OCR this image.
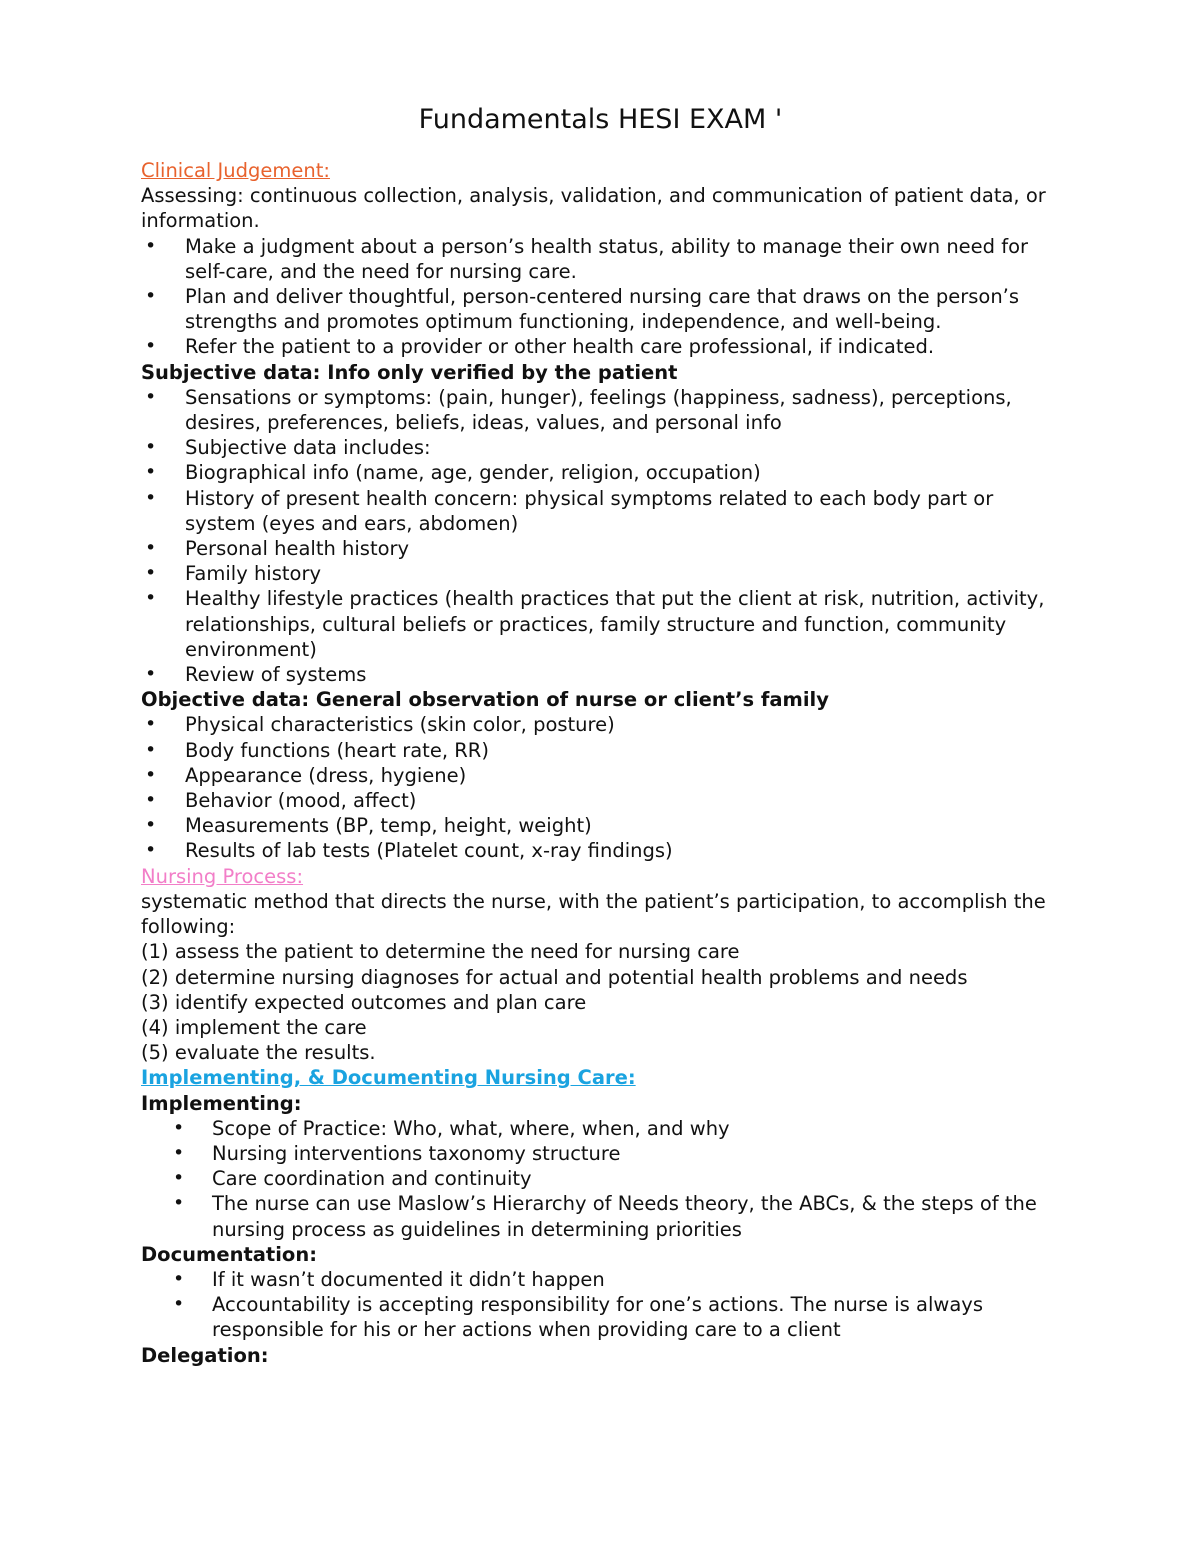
Fundamentals HESI EXAM '

Clinical Judgement:

Assessing: continuous collection, analysis, validation, and communication of patient data, or information.

• Make a judgment about a person’s health status, ability to manage their own need for self-care, and the need for nursing care.
• Plan and deliver thoughtful, person-centered nursing care that draws on the person’s strengths and promotes optimum functioning, independence, and well-being.
• Refer the patient to a provider or other health care professional, if indicated.

Subjective data: Info only verified by the patient

• Sensations or symptoms: (pain, hunger), feelings (happiness, sadness), perceptions, desires, preferences, beliefs, ideas, values, and personal info
• Subjective data includes:
• Biographical info (name, age, gender, religion, occupation)
• History of present health concern: physical symptoms related to each body part or system (eyes and ears, abdomen)
• Personal health history
• Family history
• Healthy lifestyle practices (health practices that put the client at risk, nutrition, activity, relationships, cultural beliefs or practices, family structure and function, community environment)
• Review of systems

Objective data: General observation of nurse or client’s family

• Physical characteristics (skin color, posture)
• Body functions (heart rate, RR)
• Appearance (dress, hygiene)
• Behavior (mood, affect)
• Measurements (BP, temp, height, weight)
• Results of lab tests (Platelet count, x-ray findings)

Nursing Process:

systematic method that directs the nurse, with the patient’s participation, to accomplish the following:

(1) assess the patient to determine the need for nursing care

(2) determine nursing diagnoses for actual and potential health problems and needs

(3) identify expected outcomes and plan care

(4) implement the care

(5) evaluate the results.

Implementing, & Documenting Nursing Care:

Implementing:

• Scope of Practice: Who, what, where, when, and why
• Nursing interventions taxonomy structure
• Care coordination and continuity
• The nurse can use Maslow’s Hierarchy of Needs theory, the ABCs, & the steps of the nursing process as guidelines in determining priorities

Documentation:

• If it wasn’t documented it didn’t happen
• Accountability is accepting responsibility for one’s actions. The nurse is always responsible for his or her actions when providing care to a client

Delegation:
